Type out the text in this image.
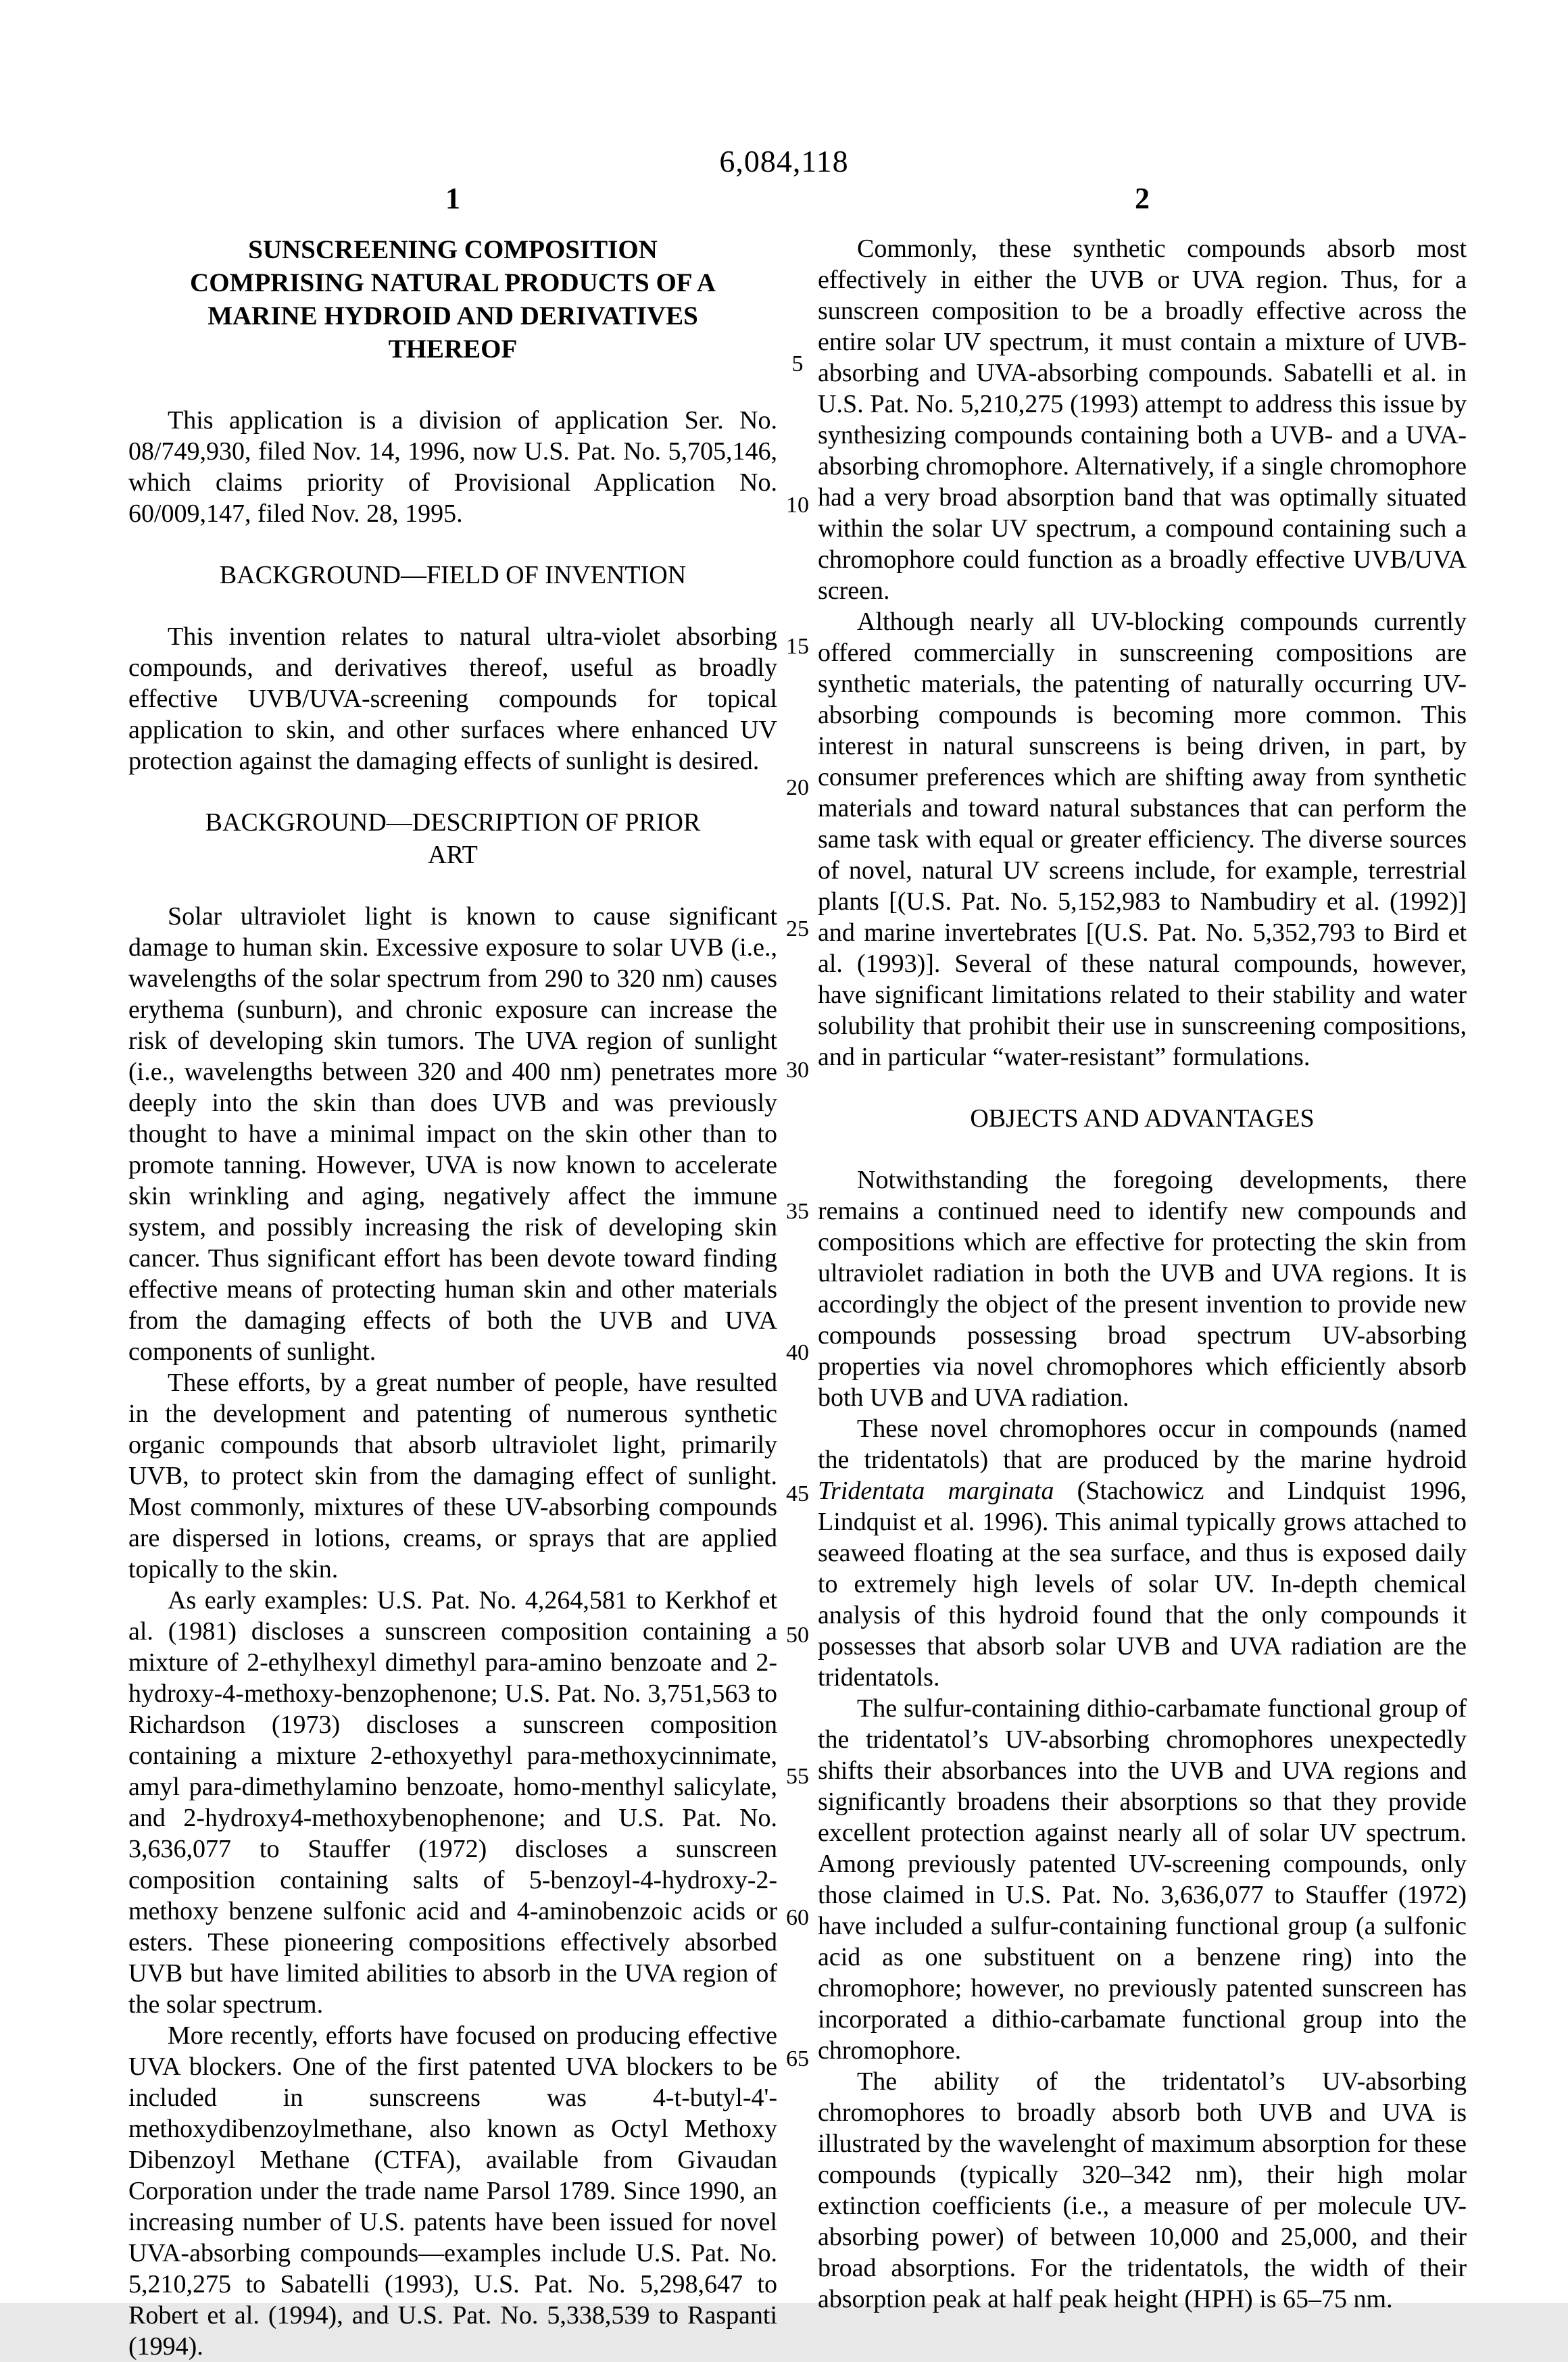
6,084,118
1
SUNSCREENING COMPOSITION
COMPRISING NATURAL PRODUCTS OF A
MARINE HYDROID AND DERIVATIVES
THEREOF
This application is a division of application Ser. No. 08/749,930, filed Nov. 14, 1996, now U.S. Pat. No. 5,705,146, which claims priority of Provisional Application No. 60/009,147, filed Nov. 28, 1995.
BACKGROUND—FIELD OF INVENTION
This invention relates to natural ultra-violet absorbing compounds, and derivatives thereof, useful as broadly effective UVB/UVA-screening compounds for topical application to skin, and other surfaces where enhanced UV protection against the damaging effects of sunlight is desired.
BACKGROUND—DESCRIPTION OF PRIOR ART
Solar ultraviolet light is known to cause significant damage to human skin. Excessive exposure to solar UVB (i.e., wavelengths of the solar spectrum from 290 to 320 nm) causes erythema (sunburn), and chronic exposure can increase the risk of developing skin tumors. The UVA region of sunlight (i.e., wavelengths between 320 and 400 nm) penetrates more deeply into the skin than does UVB and was previously thought to have a minimal impact on the skin other than to promote tanning. However, UVA is now known to accelerate skin wrinkling and aging, negatively affect the immune system, and possibly increasing the risk of developing skin cancer. Thus significant effort has been devote toward finding effective means of protecting human skin and other materials from the damaging effects of both the UVB and UVA components of sunlight.
These efforts, by a great number of people, have resulted in the development and patenting of numerous synthetic organic compounds that absorb ultraviolet light, primarily UVB, to protect skin from the damaging effect of sunlight. Most commonly, mixtures of these UV-absorbing compounds are dispersed in lotions, creams, or sprays that are applied topically to the skin.
As early examples: U.S. Pat. No. 4,264,581 to Kerkhof et al. (1981) discloses a sunscreen composition containing a mixture of 2-ethylhexyl dimethyl para-amino benzoate and 2-hydroxy-4-methoxy-benzophenone; U.S. Pat. No. 3,751,563 to Richardson (1973) discloses a sunscreen composition containing a mixture 2-ethoxyethyl para-methoxycinnimate, amyl para-dimethylamino benzoate, homo-menthyl salicylate, and 2-hydroxy4-methoxybenophenone; and U.S. Pat. No. 3,636,077 to Stauffer (1972) discloses a sunscreen composition containing salts of 5-benzoyl-4-hydroxy-2-methoxy benzene sulfonic acid and 4-aminobenzoic acids or esters. These pioneering compositions effectively absorbed UVB but have limited abilities to absorb in the UVA region of the solar spectrum.
More recently, efforts have focused on producing effective UVA blockers. One of the first patented UVA blockers to be included in sunscreens was 4-t-butyl-4'-methoxydibenzoylmethane, also known as Octyl Methoxy Dibenzoyl Methane (CTFA), available from Givaudan Corporation under the trade name Parsol 1789. Since 1990, an increasing number of U.S. patents have been issued for novel UVA-absorbing compounds—examples include U.S. Pat. No. 5,210,275 to Sabatelli (1993), U.S. Pat. No. 5,298,647 to Robert et al. (1994), and U.S. Pat. No. 5,338,539 to Raspanti (1994).
2
Commonly, these synthetic compounds absorb most effectively in either the UVB or UVA region. Thus, for a sunscreen composition to be a broadly effective across the entire solar UV spectrum, it must contain a mixture of UVB-absorbing and UVA-absorbing compounds. Sabatelli et al. in U.S. Pat. No. 5,210,275 (1993) attempt to address this issue by synthesizing compounds containing both a UVB- and a UVA-absorbing chromophore. Alternatively, if a single chromophore had a very broad absorption band that was optimally situated within the solar UV spectrum, a compound containing such a chromophore could function as a broadly effective UVB/UVA screen.
Although nearly all UV-blocking compounds currently offered commercially in sunscreening compositions are synthetic materials, the patenting of naturally occurring UV-absorbing compounds is becoming more common. This interest in natural sunscreens is being driven, in part, by consumer preferences which are shifting away from synthetic materials and toward natural substances that can perform the same task with equal or greater efficiency. The diverse sources of novel, natural UV screens include, for example, terrestrial plants [(U.S. Pat. No. 5,152,983 to Nambudiry et al. (1992)] and marine invertebrates [(U.S. Pat. No. 5,352,793 to Bird et al. (1993)]. Several of these natural compounds, however, have significant limitations related to their stability and water solubility that prohibit their use in sunscreening compositions, and in particular “water-resistant” formulations.
OBJECTS AND ADVANTAGES
Notwithstanding the foregoing developments, there remains a continued need to identify new compounds and compositions which are effective for protecting the skin from ultraviolet radiation in both the UVB and UVA regions. It is accordingly the object of the present invention to provide new compounds possessing broad spectrum UV-absorbing properties via novel chromophores which efficiently absorb both UVB and UVA radiation.
These novel chromophores occur in compounds (named the tridentatols) that are produced by the marine hydroid Tridentata marginata (Stachowicz and Lindquist 1996, Lindquist et al. 1996). This animal typically grows attached to seaweed floating at the sea surface, and thus is exposed daily to extremely high levels of solar UV. In-depth chemical analysis of this hydroid found that the only compounds it possesses that absorb solar UVB and UVA radiation are the tridentatols.
The sulfur-containing dithio-carbamate functional group of the tridentatol’s UV-absorbing chromophores unexpectedly shifts their absorbances into the UVB and UVA regions and significantly broadens their absorptions so that they provide excellent protection against nearly all of solar UV spectrum. Among previously patented UV-screening compounds, only those claimed in U.S. Pat. No. 3,636,077 to Stauffer (1972) have included a sulfur-containing functional group (a sulfonic acid as one substituent on a benzene ring) into the chromophore; however, no previously patented sunscreen has incorporated a dithio-carbamate functional group into the chromophore.
The ability of the tridentatol’s UV-absorbing chromophores to broadly absorb both UVB and UVA is illustrated by the wavelenght of maximum absorption for these compounds (typically 320–342 nm), their high molar extinction coefficients (i.e., a measure of per molecule UV-absorbing power) of between 10,000 and 25,000, and their broad absorptions. For the tridentatols, the width of their absorption peak at half peak height (HPH) is 65–75 nm.
5
10
15
20
25
30
35
40
45
50
55
60
65
